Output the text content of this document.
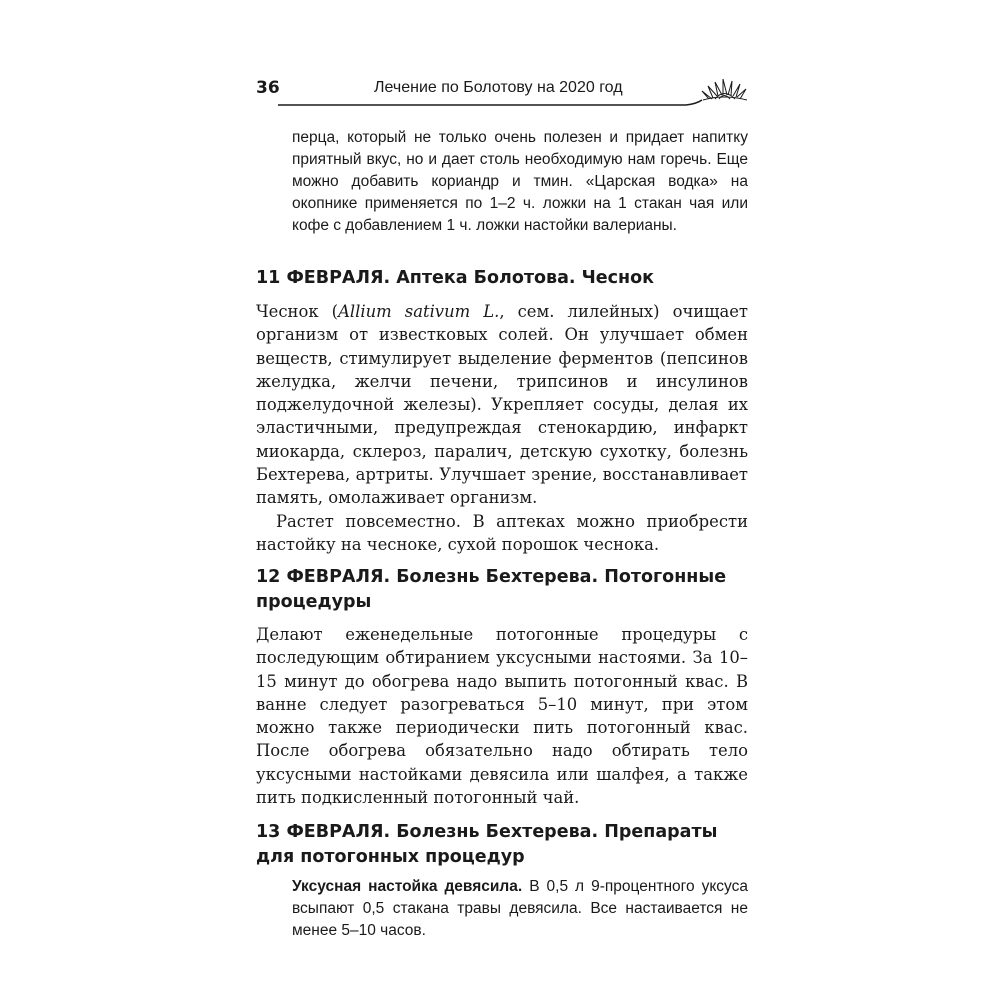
36	Лечение по Болотову на 2020 год

перца, который не только очень полезен и придает напитку приятный вкус, но и дает столь необходимую нам горечь. Еще можно добавить кориандр и тмин. «Царская водка» на окопнике применяется по 1–2 ч. ложки на 1 стакан чая или кофе с добавлением 1 ч. ложки настойки валерианы.

11 ФЕВРАЛЯ. Аптека Болотова. Чеснок

Чеснок (Allium sativum L., сем. лилейных) очищает организм от известковых солей. Он улучшает обмен веществ, стимулирует выделение ферментов (пепсинов желудка, желчи печени, трипсинов и инсулинов поджелудочной железы). Укрепляет сосуды, делая их эластичными, предупреждая стенокардию, инфаркт миокарда, склероз, паралич, детскую сухотку, болезнь Бехтерева, артриты. Улучшает зрение, восстанавливает память, омолаживает организм.

Растет повсеместно. В аптеках можно приобрести настойку на чесноке, сухой порошок чеснока.

12 ФЕВРАЛЯ. Болезнь Бехтерева. Потогонные
процедуры

Делают еженедельные потогонные процедуры с последующим обтиранием уксусными настоями. За 10–15 минут до обогрева надо выпить потогонный квас. В ванне следует разогреваться 5–10 минут, при этом можно также периодически пить потогонный квас. После обогрева обязательно надо обтирать тело уксусными настойками девясила или шалфея, а также пить подкисленный потогонный чай.

13 ФЕВРАЛЯ. Болезнь Бехтерева. Препараты
для потогонных процедур

Уксусная настойка девясила. В 0,5 л 9-процентного уксуса всыпают 0,5 стакана травы девясила. Все настаивается не менее 5–10 часов.
